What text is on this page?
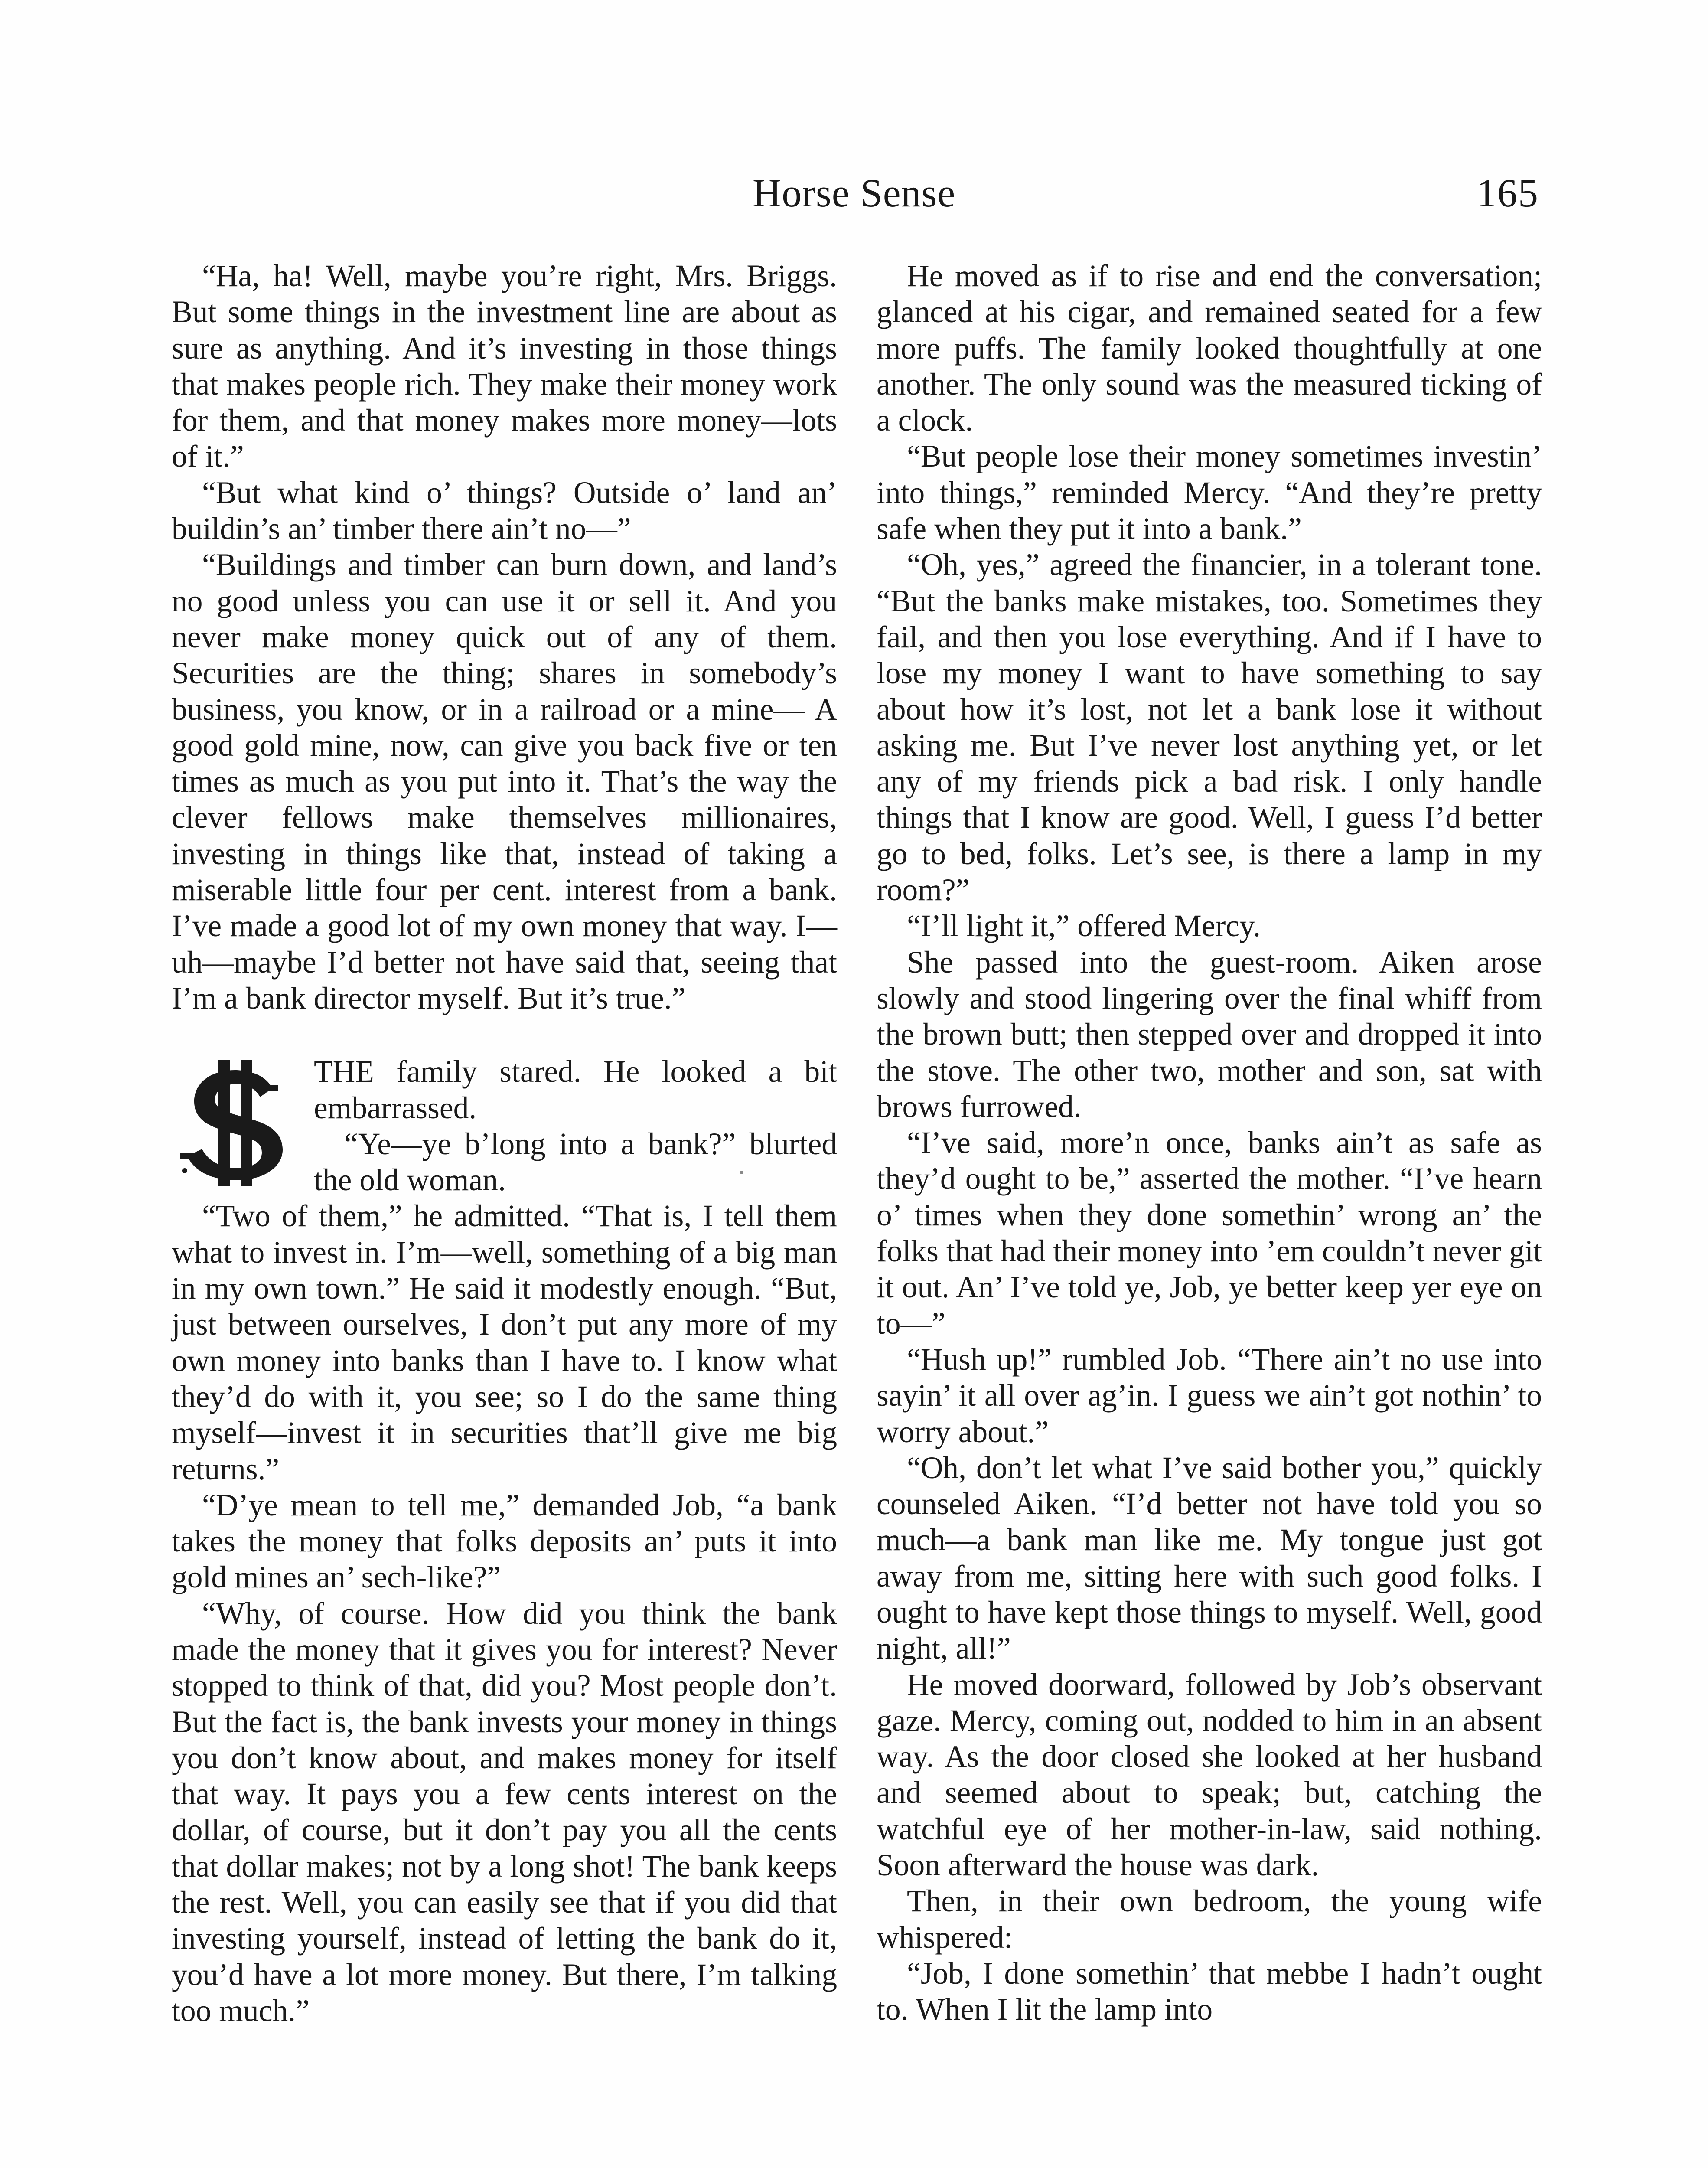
Horse Sense	165

“Ha, ha! Well, maybe you’re right, Mrs. Briggs. But some things in the investment line are about as sure as anything. And it’s investing in those things that makes people rich. They make their money work for them, and that money makes more money—lots of it.”

“But what kind o’ things? Outside o’ land an’ buildin’s an’ timber there ain’t no—”

“Buildings and timber can burn down, and land’s no good unless you can use it or sell it. And you never make money quick out of any of them. Securities are the thing; shares in somebody’s business, you know, or in a railroad or a mine— A good gold mine, now, can give you back five or ten times as much as you put into it. That’s the way the clever fellows make themselves millionaires, investing in things like that, instead of taking a miserable little four per cent. interest from a bank. I’ve made a good lot of my own money that way. I—uh—maybe I’d better not have said that, seeing that I’m a bank director myself. But it’s true.”

THE family stared. He looked a bit embarrassed.

“Ye—ye b’long into a bank?” blurted the old woman.

“Two of them,” he admitted. “That is, I tell them what to invest in. I’m—well, something of a big man in my own town.” He said it modestly enough. “But, just between ourselves, I don’t put any more of my own money into banks than I have to. I know what they’d do with it, you see; so I do the same thing myself—invest it in securities that’ll give me big returns.”

“D’ye mean to tell me,” demanded Job, “a bank takes the money that folks deposits an’ puts it into gold mines an’ sech-like?”

“Why, of course. How did you think the bank made the money that it gives you for interest? Never stopped to think of that, did you? Most people don’t. But the fact is, the bank invests your money in things you don’t know about, and makes money for itself that way. It pays you a few cents interest on the dollar, of course, but it don’t pay you all the cents that dollar makes; not by a long shot! The bank keeps the rest. Well, you can easily see that if you did that investing yourself, instead of letting the bank do it, you’d have a lot more money. But there, I’m talking too much.”

He moved as if to rise and end the conversation; glanced at his cigar, and remained seated for a few more puffs. The family looked thoughtfully at one another. The only sound was the measured ticking of a clock.

“But people lose their money sometimes investin’ into things,” reminded Mercy. “And they’re pretty safe when they put it into a bank.”

“Oh, yes,” agreed the financier, in a tolerant tone. “But the banks make mistakes, too. Sometimes they fail, and then you lose everything. And if I have to lose my money I want to have something to say about how it’s lost, not let a bank lose it without asking me. But I’ve never lost anything yet, or let any of my friends pick a bad risk. I only handle things that I know are good. Well, I guess I’d better go to bed, folks. Let’s see, is there a lamp in my room?”

“I’ll light it,” offered Mercy.

She passed into the guest-room. Aiken arose slowly and stood lingering over the final whiff from the brown butt; then stepped over and dropped it into the stove. The other two, mother and son, sat with brows furrowed.

“I’ve said, more’n once, banks ain’t as safe as they’d ought to be,” asserted the mother. “I’ve hearn o’ times when they done somethin’ wrong an’ the folks that had their money into ’em couldn’t never git it out. An’ I’ve told ye, Job, ye better keep yer eye on to—”

“Hush up!” rumbled Job. “There ain’t no use into sayin’ it all over ag’in. I guess we ain’t got nothin’ to worry about.”

“Oh, don’t let what I’ve said bother you,” quickly counseled Aiken. “I’d better not have told you so much—a bank man like me. My tongue just got away from me, sitting here with such good folks. I ought to have kept those things to myself. Well, good night, all!”

He moved doorward, followed by Job’s observant gaze. Mercy, coming out, nodded to him in an absent way. As the door closed she looked at her husband and seemed about to speak; but, catching the watchful eye of her mother-in-law, said nothing. Soon afterward the house was dark.

Then, in their own bedroom, the young wife whispered:

“Job, I done somethin’ that mebbe I hadn’t ought to. When I lit the lamp into
